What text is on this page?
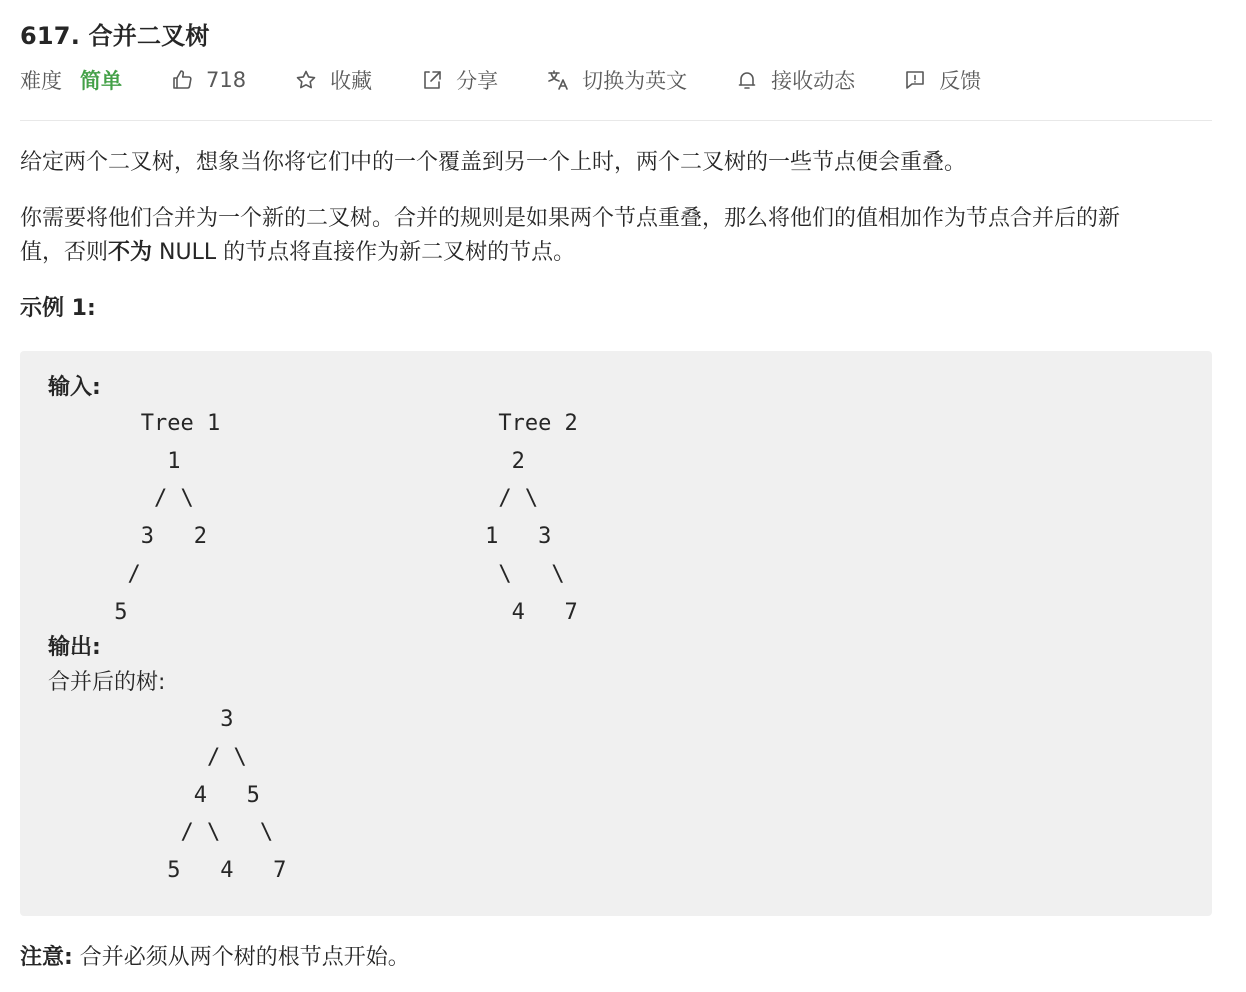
617. 合并二叉树
难度 简单	718	收藏	分享	切换为英文	接收动态	反馈

给定两个二叉树，想象当你将它们中的一个覆盖到另一个上时，两个二叉树的一些节点便会重叠。

你需要将他们合并为一个新的二叉树。合并的规则是如果两个节点重叠，那么将他们的值相加作为节点合并后的新
值，否则不为 NULL 的节点将直接作为新二叉树的节点。

示例 1:

输入:
Tree 1                     Tree 2
1                         2
/ \                       / \
3   2                     1   3
/                           \   \
5                             4   7
输出:
合并后的树:
	3
	/ \
	4   5
	/ \   \
	5   4   7
注意: 合并必须从两个树的根节点开始。
